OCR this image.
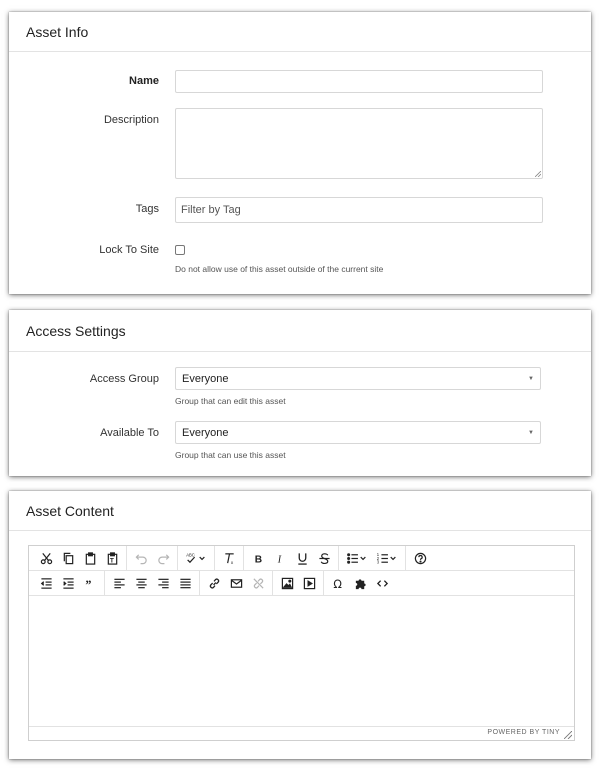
Asset Info
Name
Description
Tags
Filter by Tag
Lock To Site
Do not allow use of this asset outside of the current site
Access Settings
Access Group Everyone	▼
Group that can edit this asset
Available To Everyone	▼
Group that can use this asset
Asset Content
T
ABC
x B I	1
2
3
”	Ω
POWERED BY TINY
